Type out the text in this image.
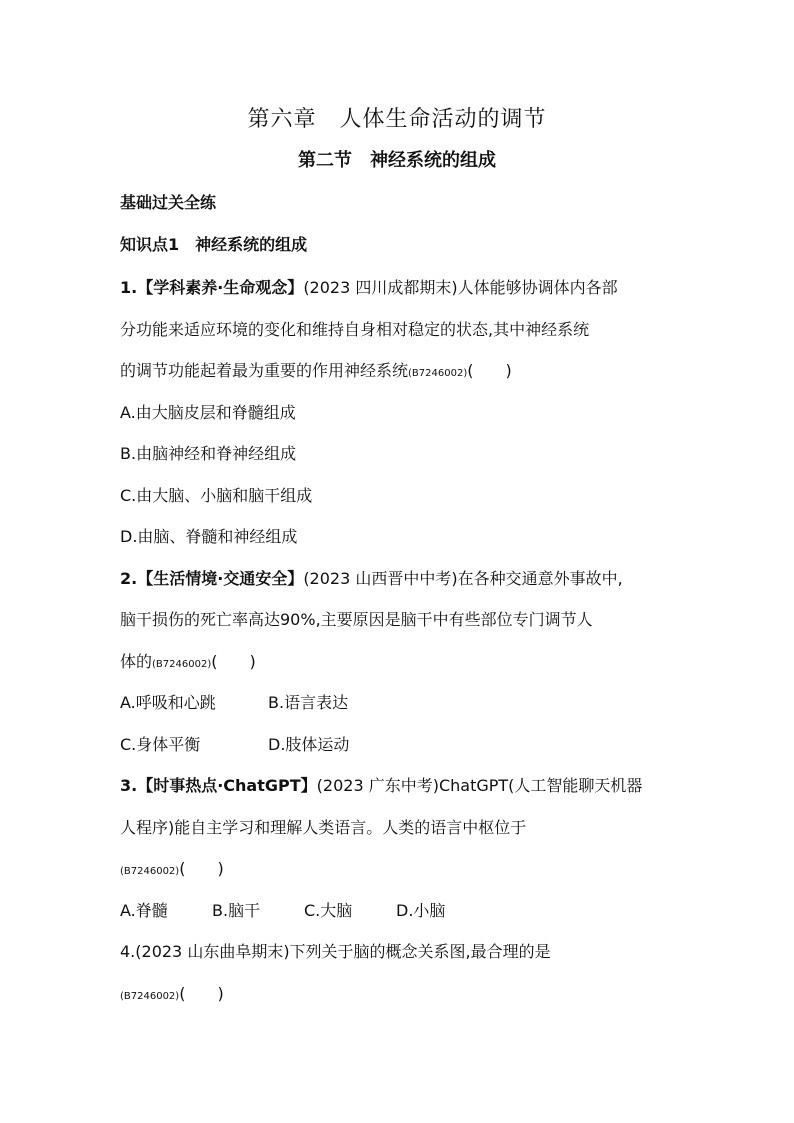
第六章　人体生命活动的调节
第二节　神经系统的组成
基础过关全练
知识点1　神经系统的组成
1.【学科素养·生命观念】(2023 四川成都期末)人体能够协调体内各部
分功能来适应环境的变化和维持自身相对稳定的状态,其中神经系统
的调节功能起着最为重要的作用神经系统(B7246002)(　　)
A.由大脑皮层和脊髓组成
B.由脑神经和脊神经组成
C.由大脑、小脑和脑干组成
D.由脑、脊髓和神经组成
2.【生活情境·交通安全】(2023 山西晋中中考)在各种交通意外事故中,
脑干损伤的死亡率高达90%,主要原因是脑干中有些部位专门调节人
体的(B7246002)(　　)
A.呼吸和心跳	B.语言表达
C.身体平衡	D.肢体运动
3.【时事热点·ChatGPT】(2023 广东中考)ChatGPT(人工智能聊天机器
人程序)能自主学习和理解人类语言。人类的语言中枢位于
(B7246002)(　　)
A.脊髓	B.脑干	C.大脑	D.小脑
4.(2023 山东曲阜期末)下列关于脑的概念关系图,最合理的是
(B7246002)(　　)
